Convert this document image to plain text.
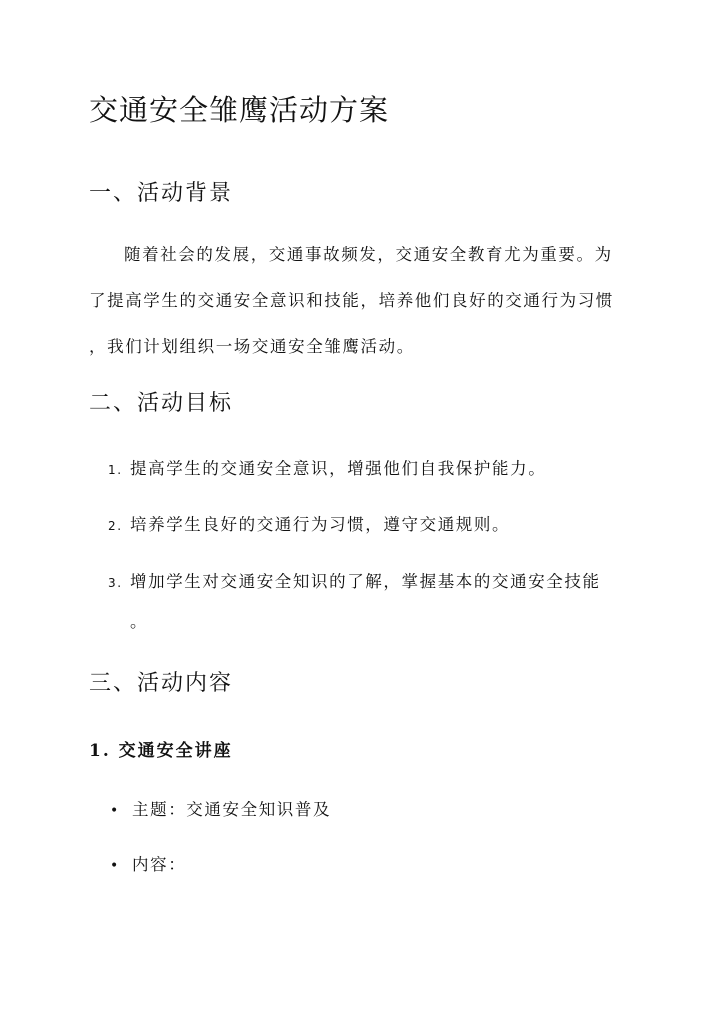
交通安全雏鹰活动方案
一、活动背景

随着社会的发展，交通事故频发，交通安全教育尤为重要。为
了提高学生的交通安全意识和技能，培养他们良好的交通行为习惯
，我们计划组织一场交通安全雏鹰活动。

二、活动目标
1. 提高学生的交通安全意识，增强他们自我保护能力。
2. 培养学生良好的交通行为习惯，遵守交通规则。
3. 增加学生对交通安全知识的了解，掌握基本的交通安全技能
。
三、活动内容
1. 交通安全讲座
• 主题：交通安全知识普及
• 内容：
